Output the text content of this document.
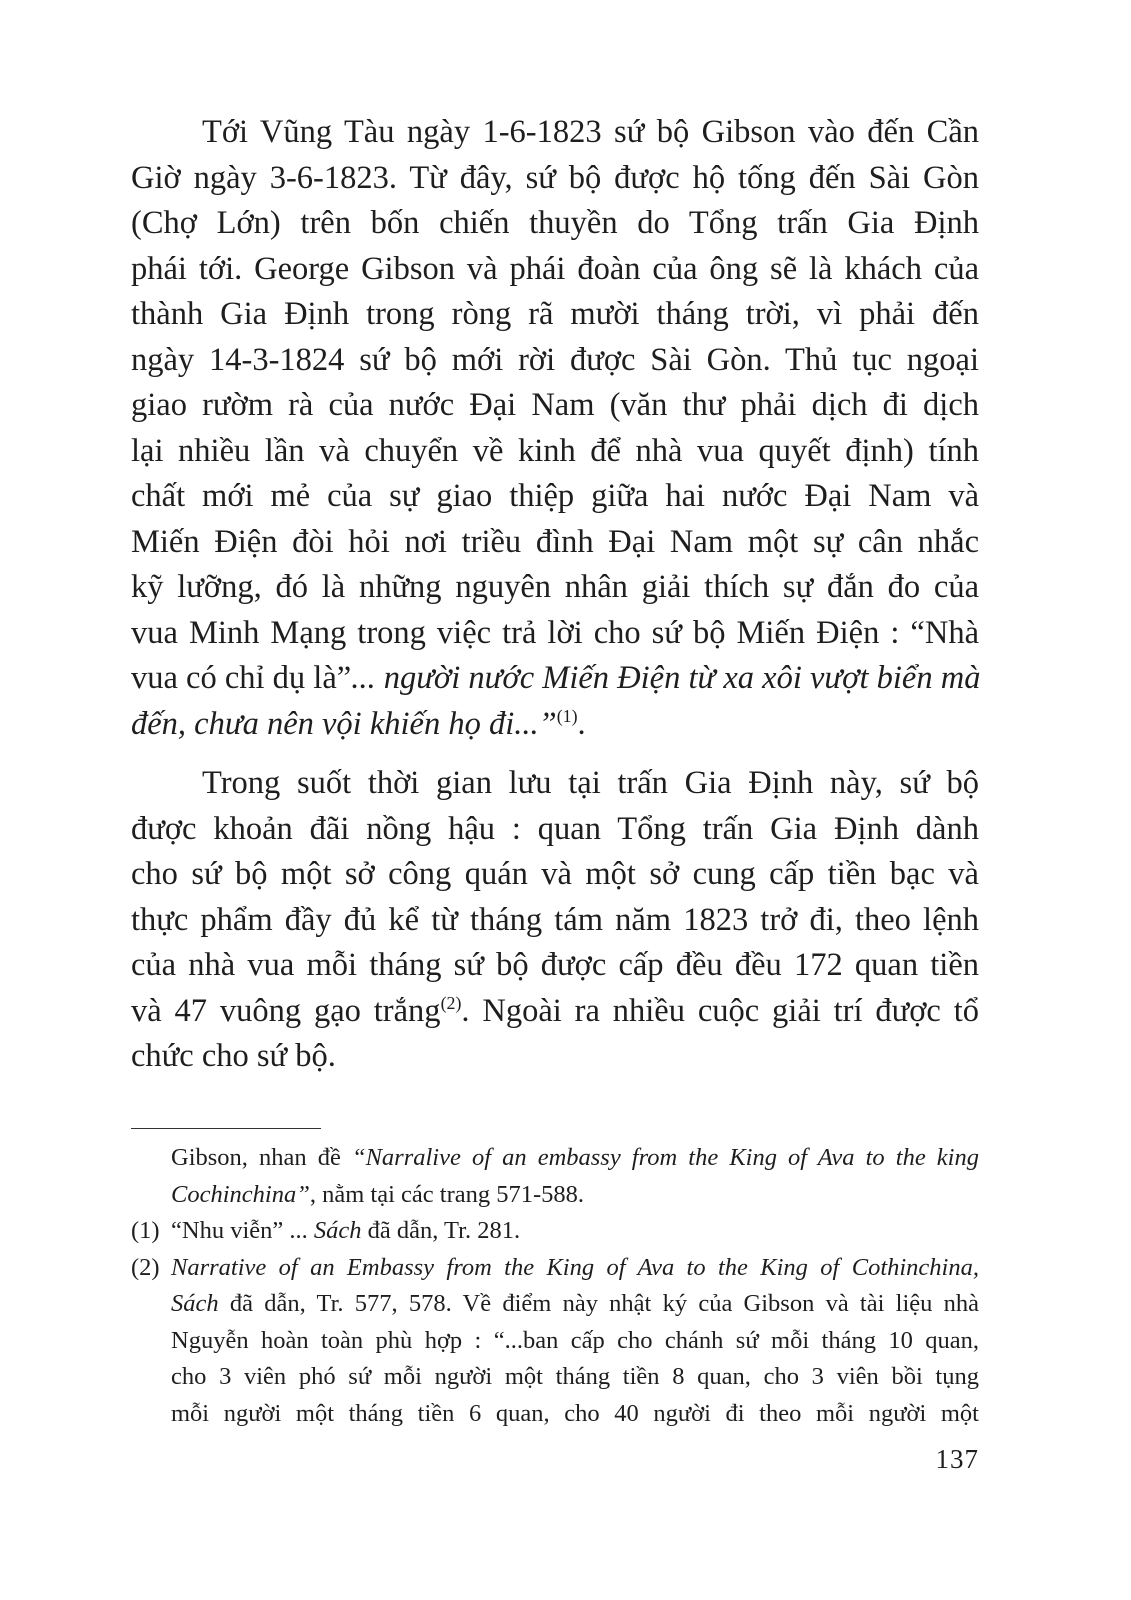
Tới Vũng Tàu ngày 1-6-1823 sứ bộ Gibson vào đến Cần
Giờ ngày 3-6-1823. Từ đây, sứ bộ được hộ tống đến Sài Gòn
(Chợ Lớn) trên bốn chiến thuyền do Tổng trấn Gia Định
phái tới. George Gibson và phái đoàn của ông sẽ là khách của
thành Gia Định trong ròng rã mười tháng trời, vì phải đến
ngày 14-3-1824 sứ bộ mới rời được Sài Gòn. Thủ tục ngoại
giao rườm rà của nước Đại Nam (văn thư phải dịch đi dịch
lại nhiều lần và chuyển về kinh để nhà vua quyết định) tính
chất mới mẻ của sự giao thiệp giữa hai nước Đại Nam và
Miến Điện đòi hỏi nơi triều đình Đại Nam một sự cân nhắc
kỹ lưỡng, đó là những nguyên nhân giải thích sự đắn đo của
vua Minh Mạng trong việc trả lời cho sứ bộ Miến Điện : “Nhà
vua có chỉ dụ là”... người nước Miến Điện từ xa xôi vượt biển mà
đến, chưa nên vội khiến họ đi...”$^{(1)}$.

Trong suốt thời gian lưu tại trấn Gia Định này, sứ bộ
được khoản đãi nồng hậu : quan Tổng trấn Gia Định dành
cho sứ bộ một sở công quán và một sở cung cấp tiền bạc và
thực phẩm đầy đủ kể từ tháng tám năm 1823 trở đi, theo lệnh
của nhà vua mỗi tháng sứ bộ được cấp đều đều 172 quan tiền
và 47 vuông gạo trắng$^{(2)}$. Ngoài ra nhiều cuộc giải trí được tổ
chức cho sứ bộ.

Gibson, nhan đề “Narralive of an embassy from the King of Ava to the king
Cochinchina”, nằm tại các trang 571-588.
(1) “Nhu viễn” ... Sách đã dẫn, Tr. 281.
(2) Narrative of an Embassy from the King of Ava to the King of Cothinchina,
Sách đã dẫn, Tr. 577, 578. Về điểm này nhật ký của Gibson và tài liệu nhà
Nguyễn hoàn toàn phù hợp : “...ban cấp cho chánh sứ mỗi tháng 10 quan,
cho 3 viên phó sứ mỗi người một tháng tiền 8 quan, cho 3 viên bồi tụng
mỗi người một tháng tiền 6 quan, cho 40 người đi theo mỗi người một
137
